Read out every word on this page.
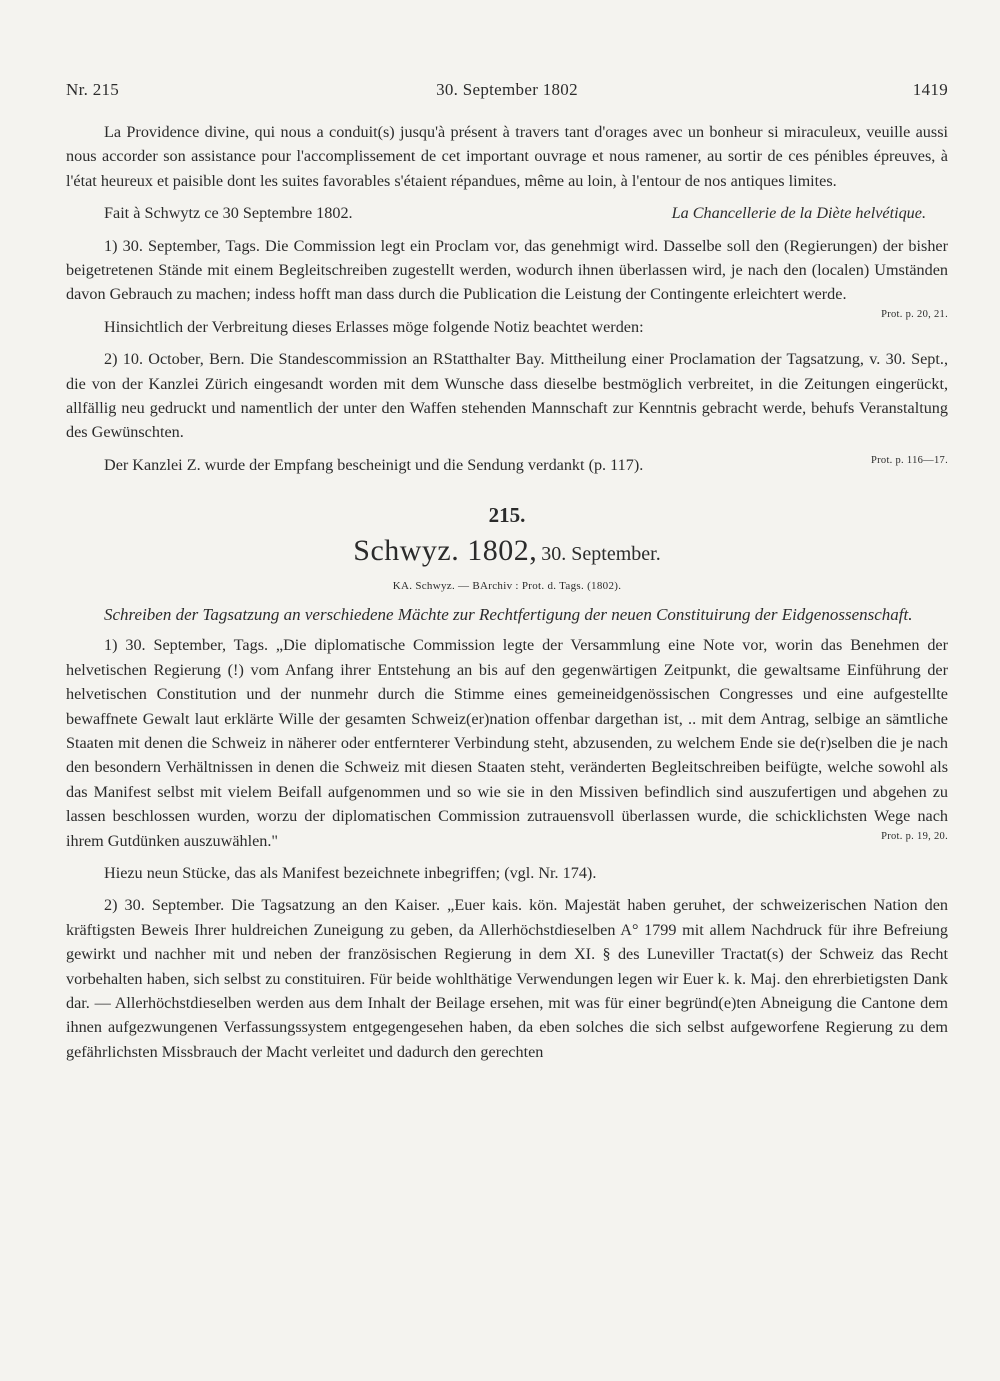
Nr. 215	30. September 1802	1419

La Providence divine, qui nous a conduit(s) jusqu'à présent à travers tant d'orages avec un bonheur si miraculeux, veuille aussi nous accorder son assistance pour l'accomplissement de cet important ouvrage et nous ramener, au sortir de ces pénibles épreuves, à l'état heureux et paisible dont les suites favorables s'étaient répandues, même au loin, à l'entour de nos antiques limites.

Fait à Schwytz ce 30 Septembre 1802.	La Chancellerie de la Diète helvétique.

1) 30. September, Tags. Die Commission legt ein Proclam vor, das genehmigt wird. Dasselbe soll den (Regierungen) der bisher beigetretenen Stände mit einem Begleitschreiben zugestellt werden, wodurch ihnen überlassen wird, je nach den (localen) Umständen davon Gebrauch zu machen; indess hofft man dass durch die Publication die Leistung der Contingente erleichtert werde.
Prot. p. 20, 21.

Hinsichtlich der Verbreitung dieses Erlasses möge folgende Notiz beachtet werden:

2) 10. October, Bern. Die Standescommission an RStatthalter Bay. Mittheilung einer Proclamation der Tagsatzung, v. 30. Sept., die von der Kanzlei Zürich eingesandt worden mit dem Wunsche dass dieselbe bestmöglich verbreitet, in die Zeitungen eingerückt, allfällig neu gedruckt und namentlich der unter den Waffen stehenden Mannschaft zur Kenntnis gebracht werde, behufs Veranstaltung des Gewünschten.

Der Kanzlei Z. wurde der Empfang bescheinigt und die Sendung verdankt (p. 117).	Prot. p. 116—17.

215.
Schwyz. 1802, 30. September.
KA. Schwyz. — BArchiv : Prot. d. Tags. (1802).

Schreiben der Tagsatzung an verschiedene Mächte zur Rechtfertigung der neuen Constituirung der Eidgenossenschaft.

1) 30. September, Tags. „Die diplomatische Commission legte der Versammlung eine Note vor, worin das Benehmen der helvetischen Regierung (!) vom Anfang ihrer Entstehung an bis auf den gegenwärtigen Zeitpunkt, die gewaltsame Einführung der helvetischen Constitution und der nunmehr durch die Stimme eines gemeineidgenössischen Congresses und eine aufgestellte bewaffnete Gewalt laut erklärte Wille der gesamten Schweiz(er)nation offenbar dargethan ist, .. mit dem Antrag, selbige an sämtliche Staaten mit denen die Schweiz in näherer oder entfernterer Verbindung steht, abzusenden, zu welchem Ende sie de(r)selben die je nach den besondern Verhältnissen in denen die Schweiz mit diesen Staaten steht, veränderten Begleitschreiben beifügte, welche sowohl als das Manifest selbst mit vielem Beifall aufgenommen und so wie sie in den Missiven befindlich sind auszufertigen und abgehen zu lassen beschlossen wurden, worzu der diplomatischen Commission zutrauensvoll überlassen wurde, die schicklichsten Wege nach ihrem Gutdünken auszuwählen."	Prot. p. 19, 20.

Hiezu neun Stücke, das als Manifest bezeichnete inbegriffen; (vgl. Nr. 174).

2) 30. September. Die Tagsatzung an den Kaiser. „Euer kais. kön. Majestät haben geruhet, der schweizerischen Nation den kräftigsten Beweis Ihrer huldreichen Zuneigung zu geben, da Allerhöchstdieselben A° 1799 mit allem Nachdruck für ihre Befreiung gewirkt und nachher mit und neben der französischen Regierung in dem XI. § des Luneviller Tractat(s) der Schweiz das Recht vorbehalten haben, sich selbst zu constituiren. Für beide wohlthätige Verwendungen legen wir Euer k. k. Maj. den ehrerbietigsten Dank dar. — Allerhöchstdieselben werden aus dem Inhalt der Beilage ersehen, mit was für einer begründ(e)ten Abneigung die Cantone dem ihnen aufgezwungenen Verfassungssystem entgegengesehen haben, da eben solches die sich selbst aufgeworfene Regierung zu dem gefährlichsten Missbrauch der Macht verleitet und dadurch den gerechten
